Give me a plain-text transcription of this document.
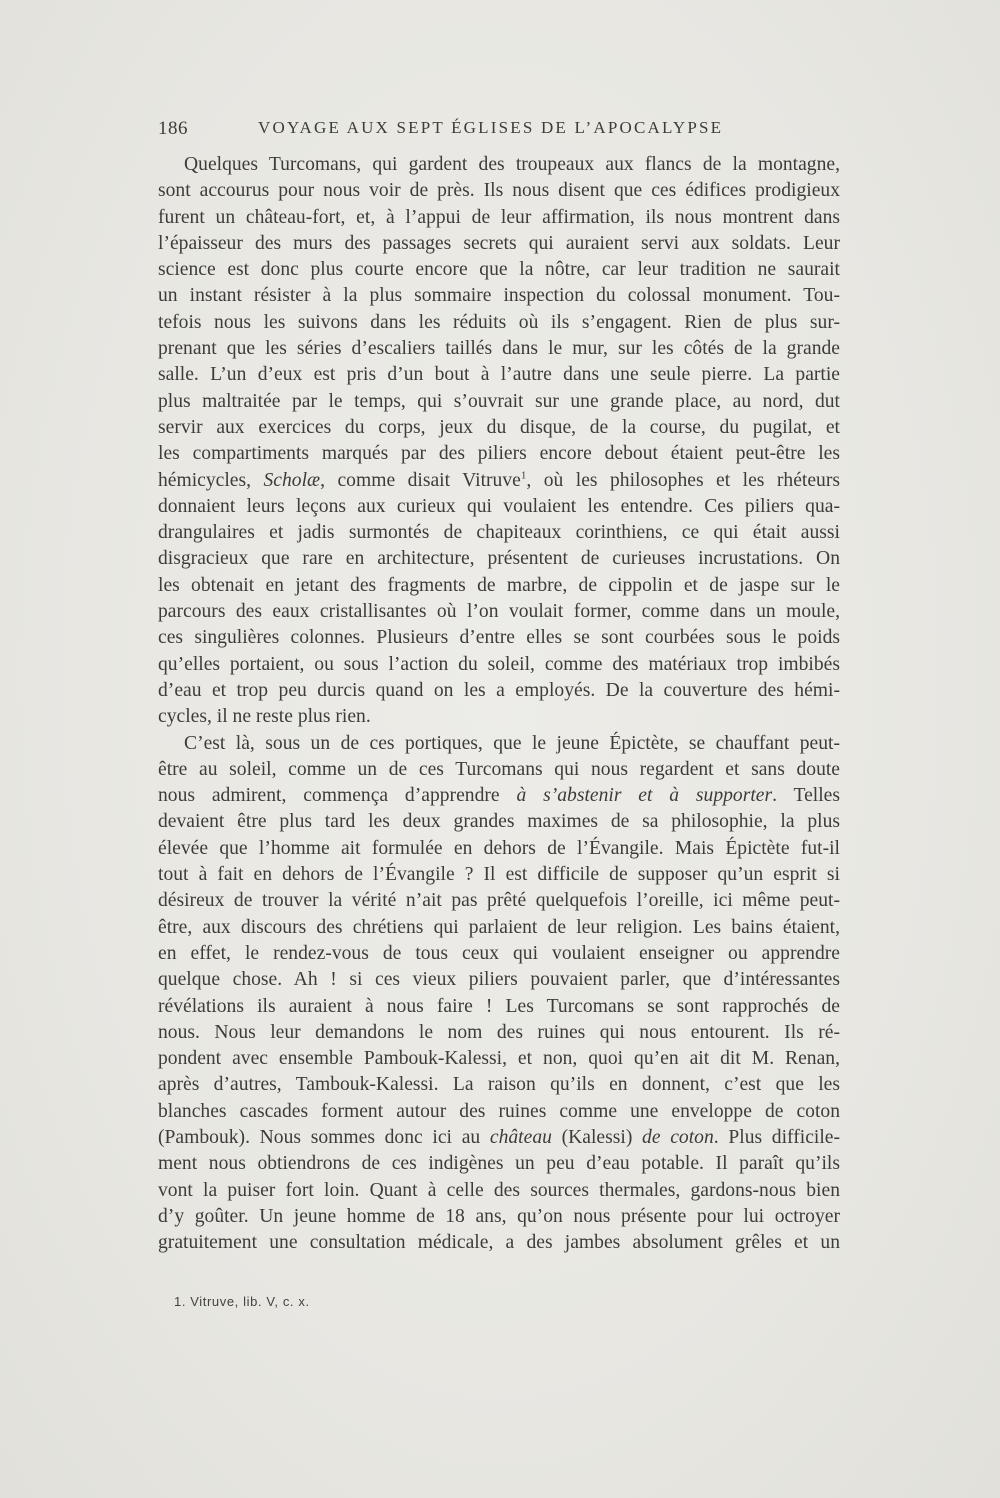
186	VOYAGE AUX SEPT ÉGLISES DE L’APOCALYPSE

Quelques Turcomans, qui gardent des troupeaux aux flancs de la montagne,
sont accourus pour nous voir de près. Ils nous disent que ces édifices prodigieux
furent un château-fort, et, à l’appui de leur affirmation, ils nous montrent dans
l’épaisseur des murs des passages secrets qui auraient servi aux soldats. Leur
science est donc plus courte encore que la nôtre, car leur tradition ne saurait
un instant résister à la plus sommaire inspection du colossal monument. Tou-
tefois nous les suivons dans les réduits où ils s’engagent. Rien de plus sur-
prenant que les séries d’escaliers taillés dans le mur, sur les côtés de la grande
salle. L’un d’eux est pris d’un bout à l’autre dans une seule pierre. La partie
plus maltraitée par le temps, qui s’ouvrait sur une grande place, au nord, dut
servir aux exercices du corps, jeux du disque, de la course, du pugilat, et
les compartiments marqués par des piliers encore debout étaient peut-être les
hémicycles, Scholæ, comme disait Vitruve$^1$, où les philosophes et les rhéteurs
donnaient leurs leçons aux curieux qui voulaient les entendre. Ces piliers qua-
drangulaires et jadis surmontés de chapiteaux corinthiens, ce qui était aussi
disgracieux que rare en architecture, présentent de curieuses incrustations. On
les obtenait en jetant des fragments de marbre, de cippolin et de jaspe sur le
parcours des eaux cristallisantes où l’on voulait former, comme dans un moule,
ces singulières colonnes. Plusieurs d’entre elles se sont courbées sous le poids
qu’elles portaient, ou sous l’action du soleil, comme des matériaux trop imbibés
d’eau et trop peu durcis quand on les a employés. De la couverture des hémi-
cycles, il ne reste plus rien.

C’est là, sous un de ces portiques, que le jeune Épictète, se chauffant peut-
être au soleil, comme un de ces Turcomans qui nous regardent et sans doute
nous admirent, commença d’apprendre à s’abstenir et à supporter. Telles
devaient être plus tard les deux grandes maximes de sa philosophie, la plus
élevée que l’homme ait formulée en dehors de l’Évangile. Mais Épictète fut-il
tout à fait en dehors de l’Évangile ? Il est difficile de supposer qu’un esprit si
désireux de trouver la vérité n’ait pas prêté quelquefois l’oreille, ici même peut-
être, aux discours des chrétiens qui parlaient de leur religion. Les bains étaient,
en effet, le rendez-vous de tous ceux qui voulaient enseigner ou apprendre
quelque chose. Ah ! si ces vieux piliers pouvaient parler, que d’intéressantes
révélations ils auraient à nous faire ! Les Turcomans se sont rapprochés de
nous. Nous leur demandons le nom des ruines qui nous entourent. Ils ré-
pondent avec ensemble Pambouk-Kalessi, et non, quoi qu’en ait dit M. Renan,
après d’autres, Tambouk-Kalessi. La raison qu’ils en donnent, c’est que les
blanches cascades forment autour des ruines comme une enveloppe de coton
(Pambouk). Nous sommes donc ici au château (Kalessi) de coton. Plus difficile-
ment nous obtiendrons de ces indigènes un peu d’eau potable. Il paraît qu’ils
vont la puiser fort loin. Quant à celle des sources thermales, gardons-nous bien
d’y goûter. Un jeune homme de 18 ans, qu’on nous présente pour lui octroyer
gratuitement une consultation médicale, a des jambes absolument grêles et un

1. Vitruve, lib. V, c. x.
